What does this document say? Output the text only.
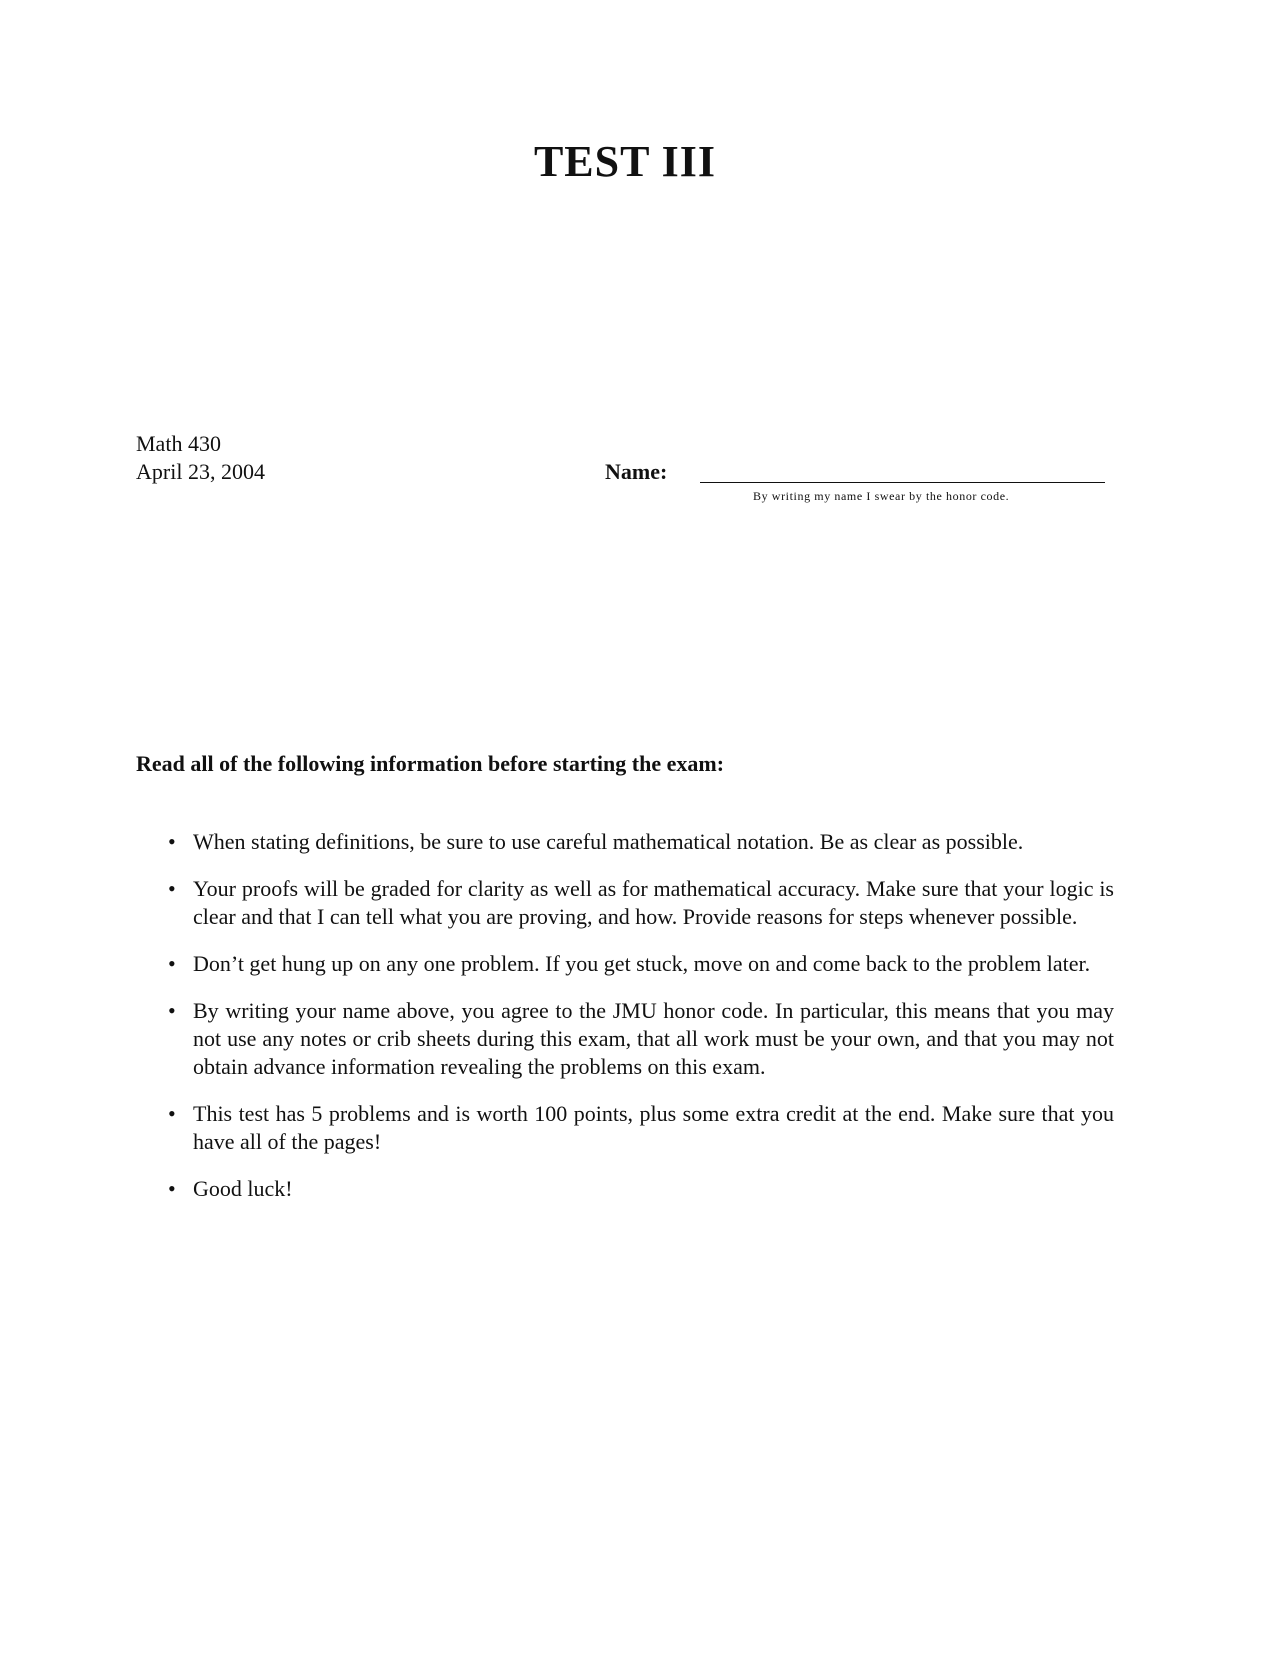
TEST III
Math 430
April 23, 2004	Name:
By writing my name I swear by the honor code.
Read all of the following information before starting the exam:
• When stating definitions, be sure to use careful mathematical notation. Be as clear as possible.
• Your proofs will be graded for clarity as well as for mathematical accuracy. Make sure that your logic is clear and that I can tell what you are proving, and how. Provide reasons for steps whenever possible.
• Don’t get hung up on any one problem. If you get stuck, move on and come back to the problem later.
• By writing your name above, you agree to the JMU honor code. In particular, this means that you may not use any notes or crib sheets during this exam, that all work must be your own, and that you may not obtain advance information revealing the problems on this exam.
• This test has 5 problems and is worth 100 points, plus some extra credit at the end. Make sure that you have all of the pages!
• Good luck!
